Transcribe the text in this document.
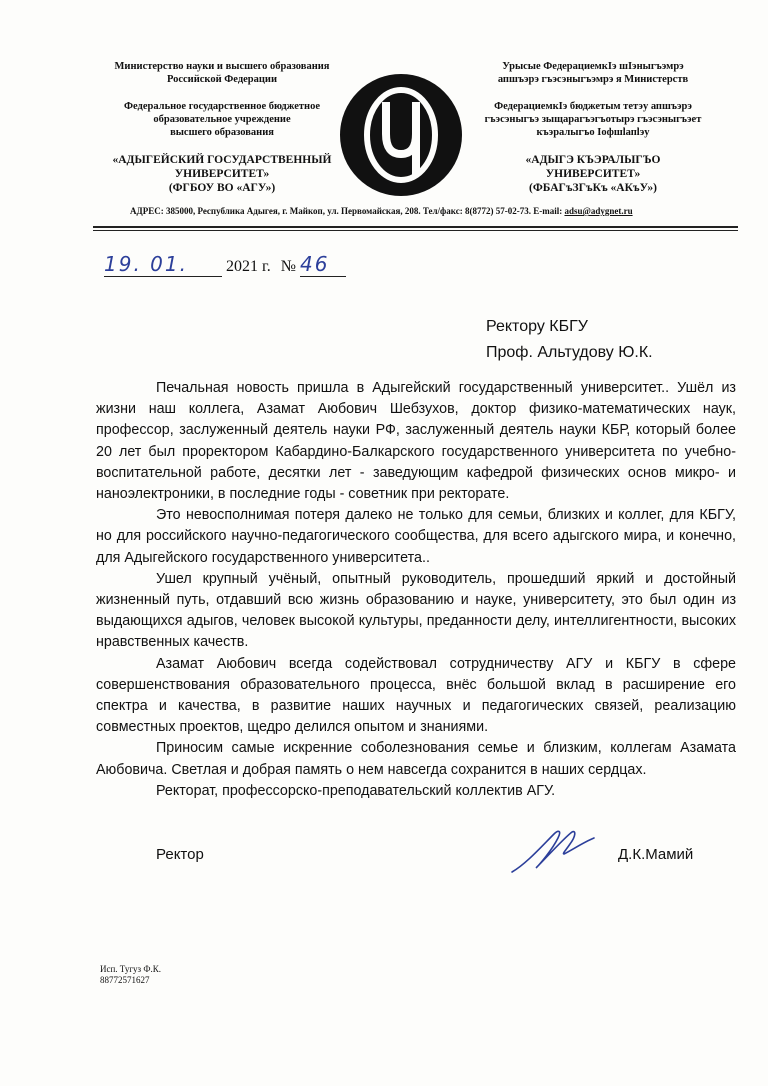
Министерство науки и высшего образования
Российской Федерации
Федеральное государственное бюджетное
образовательное учреждение
высшего образования
«АДЫГЕЙСКИЙ ГОСУДАРСТВЕННЫЙ
УНИВЕРСИТЕТ»
(ФГБОУ ВО «АГУ»)
Урысые ФедерациемкӀэ шӀэныгъэмрэ
апшъэрэ гъэсэныгъэмрэ я Министерств
ФедерациемкӀэ бюджетым тетэу апшъэрэ
гъэсэныгъэ зыщарагъэгъотырэ гъэсэныгъэет
къэралыгъо Іофшlапlэу
«АДЫГЭ КЪЭРАЛЫГЪО
УНИВЕРСИТЕТ»
(ФБАГъЗГъКъ «АКъУ»)
АДРЕС: 385000, Республика Адыгея, г. Майкоп, ул. Первомайская, 208. Тел/факс: 8(8772) 57-02-73. E-mail: adsu@adygnet.ru
19. 01. 2021 г. № 46
Ректору КБГУ
Проф. Альтудову Ю.К.

Печальная новость пришла в Адыгейский государственный университет.. Ушёл из жизни наш коллега, Азамат Аюбович Шебзухов, доктор физико-математических наук, профессор, заслуженный деятель науки РФ, заслуженный деятель науки КБР, который более 20 лет был проректором Кабардино-Балкарского государственного университета по учебно-воспитательной работе, десятки лет - заведующим кафедрой физических основ микро- и наноэлектроники, в последние годы - советник при ректорате.

Это невосполнимая потеря далеко не только для семьи, близких и коллег, для КБГУ, но для российского научно-педагогического сообщества, для всего адыгского мира, и конечно, для Адыгейского государственного университета..

Ушел крупный учёный, опытный руководитель, прошедший яркий и достойный жизненный путь, отдавший всю жизнь образованию и науке, университету, это был один из выдающихся адыгов, человек высокой культуры, преданности делу, интеллигентности, высоких нравственных качеств.

Азамат Аюбович всегда содействовал сотрудничеству АГУ и КБГУ в сфере совершенствования образовательного процесса, внёс большой вклад в расширение его спектра и качества, в развитие наших научных и педагогических связей, реализацию совместных проектов, щедро делился опытом и знаниями.

Приносим самые искренние соболезнования семье и близким, коллегам Азамата Аюбовича. Светлая и добрая память о нем навсегда сохранится в наших сердцах.

Ректорат, профессорско-преподавательский коллектив АГУ.

Ректор	Д.К.Мамий
Исп. Тугуз Ф.К.
88772571627
